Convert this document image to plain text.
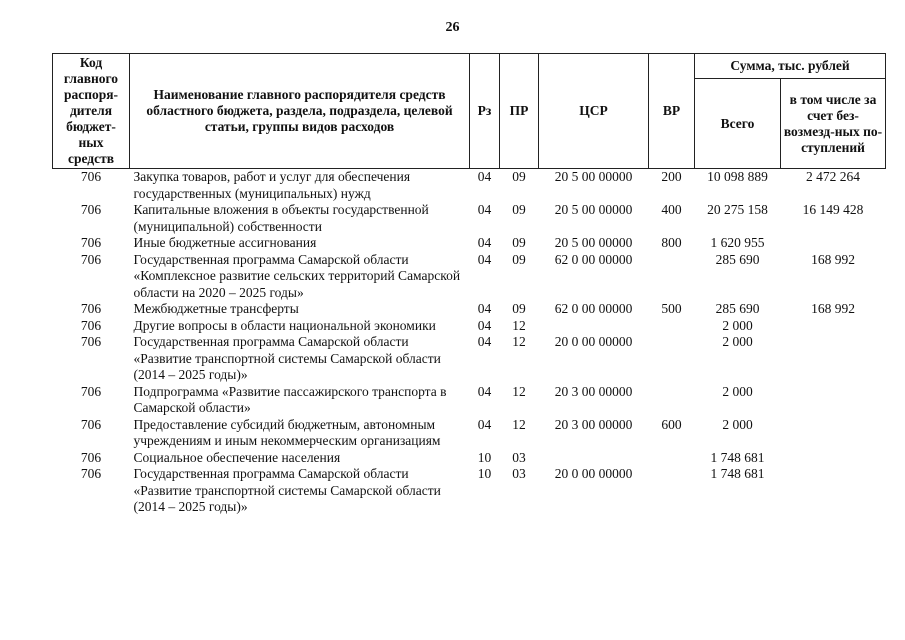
26
Код главного распоря-дителя бюджет-ных средств	Наименование главного распорядителя средств областного бюджета, раздела, подраздела, целевой статьи, группы видов расходов	Рз	ПР	ЦСР	ВР	Сумма, тыс. рублей	
						Всего	в том числе за счет без-возмезд-ных по-ступлений
706	Закупка товаров, работ и услуг для обеспечения государственных (муниципальных) нужд	04	09	20 5 00 00000	200	10 098 889	2 472 264
706	Капитальные вложения в объекты государственной (муниципальной) собственности	04	09	20 5 00 00000	400	20 275 158	16 149 428
706	Иные бюджетные ассигнования	04	09	20 5 00 00000	800	1 620 955	
706	Государственная программа Самарской области «Комплексное развитие сельских территорий Самарской области на 2020 – 2025 годы»	04	09	62 0 00 00000		285 690	168 992
706	Межбюджетные трансферты	04	09	62 0 00 00000	500	285 690	168 992
706	Другие вопросы в области национальной экономики	04	12			2 000	
706	Государственная программа Самарской области «Развитие транспортной системы Самарской области (2014 – 2025 годы)»	04	12	20 0 00 00000		2 000	
706	Подпрограмма «Развитие пассажирского транспорта в Самарской области»	04	12	20 3 00 00000		2 000	
706	Предоставление субсидий бюджетным, автономным учреждениям и иным некоммерческим организациям	04	12	20 3 00 00000	600	2 000	
706	Социальное обеспечение населения	10	03			1 748 681	
706	Государственная программа Самарской области «Развитие транспортной системы Самарской области (2014 – 2025 годы)»	10	03	20 0 00 00000		1 748 681	
